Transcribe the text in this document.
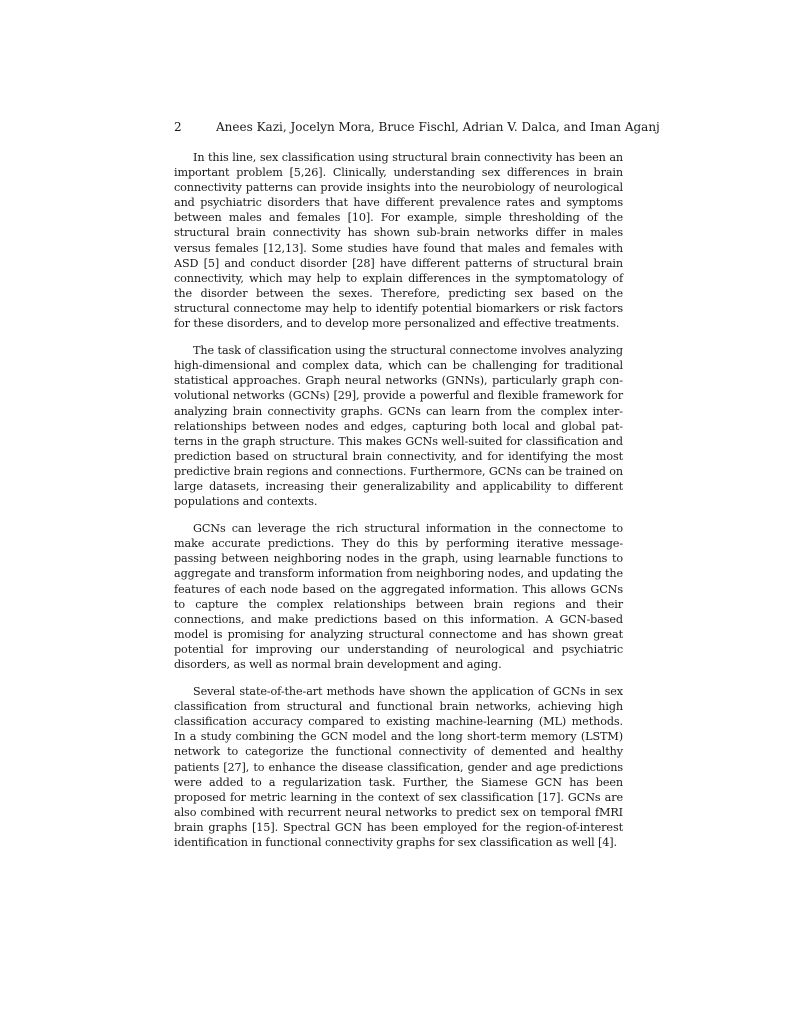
2	Anees Kazi, Jocelyn Mora, Bruce Fischl, Adrian V. Dalca, and Iman Aganj

In this line, sex classification using structural brain connectivity has been an important problem [5,26]. Clinically, understanding sex differences in brain connectivity patterns can provide insights into the neurobiology of neurological and psychiatric disorders that have different prevalence rates and symptoms between males and females [10]. For example, simple thresholding of the structural brain connectivity has shown sub-brain networks differ in males versus females [12,13]. Some studies have found that males and females with ASD [5] and conduct disorder [28] have different patterns of structural brain connectivity, which may help to explain differences in the symptomatology of the disorder between the sexes. Therefore, predicting sex based on the structural connectome may help to identify potential biomarkers or risk factors for these disorders, and to develop more personalized and effective treatments.

The task of classification using the structural connectome involves analyzing high-dimensional and complex data, which can be challenging for traditional statistical approaches. Graph neural networks (GNNs), particularly graph convolutional networks (GCNs) [29], provide a powerful and flexible framework for analyzing brain connectivity graphs. GCNs can learn from the complex interrelationships between nodes and edges, capturing both local and global patterns in the graph structure. This makes GCNs well-suited for classification and prediction based on structural brain connectivity, and for identifying the most predictive brain regions and connections. Furthermore, GCNs can be trained on large datasets, increasing their generalizability and applicability to different populations and contexts.

GCNs can leverage the rich structural information in the connectome to make accurate predictions. They do this by performing iterative message-passing between neighboring nodes in the graph, using learnable functions to aggregate and transform information from neighboring nodes, and updating the features of each node based on the aggregated information. This allows GCNs to capture the complex relationships between brain regions and their connections, and make predictions based on this information. A GCN-based model is promising for analyzing structural connectome and has shown great potential for improving our understanding of neurological and psychiatric disorders, as well as normal brain development and aging.

Several state-of-the-art methods have shown the application of GCNs in sex classification from structural and functional brain networks, achieving high classification accuracy compared to existing machine-learning (ML) methods. In a study combining the GCN model and the long short-term memory (LSTM) network to categorize the functional connectivity of demented and healthy patients [27], to enhance the disease classification, gender and age predictions were added to a regularization task. Further, the Siamese GCN has been proposed for metric learning in the context of sex classification [17]. GCNs are also combined with recurrent neural networks to predict sex on temporal fMRI brain graphs [15]. Spectral GCN has been employed for the region-of-interest identification in functional connectivity graphs for sex classification as well [4].
